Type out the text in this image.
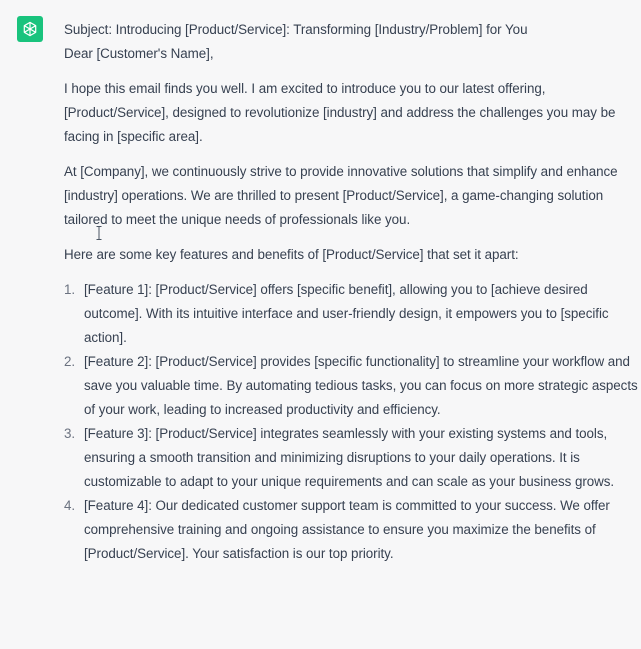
Subject: Introducing [Product/Service]: Transforming [Industry/Problem] for You

Dear [Customer's Name],

I hope this email finds you well. I am excited to introduce you to our latest offering, [Product/Service], designed to revolutionize [industry] and address the challenges you may be facing in [specific area].

At [Company], we continuously strive to provide innovative solutions that simplify and enhance [industry] operations. We are thrilled to present [Product/Service], a game-changing solution tailored to meet the unique needs of professionals like you.

Here are some key features and benefits of [Product/Service] that set it apart:

1. [Feature 1]: [Product/Service] offers [specific benefit], allowing you to [achieve desired outcome]. With its intuitive interface and user-friendly design, it empowers you to [specific action].
2. [Feature 2]: [Product/Service] provides [specific functionality] to streamline your workflow and save you valuable time. By automating tedious tasks, you can focus on more strategic aspects of your work, leading to increased productivity and efficiency.
3. [Feature 3]: [Product/Service] integrates seamlessly with your existing systems and tools, ensuring a smooth transition and minimizing disruptions to your daily operations. It is customizable to adapt to your unique requirements and can scale as your business grows.
4. [Feature 4]: Our dedicated customer support team is committed to your success. We offer comprehensive training and ongoing assistance to ensure you maximize the benefits of [Product/Service]. Your satisfaction is our top priority.
